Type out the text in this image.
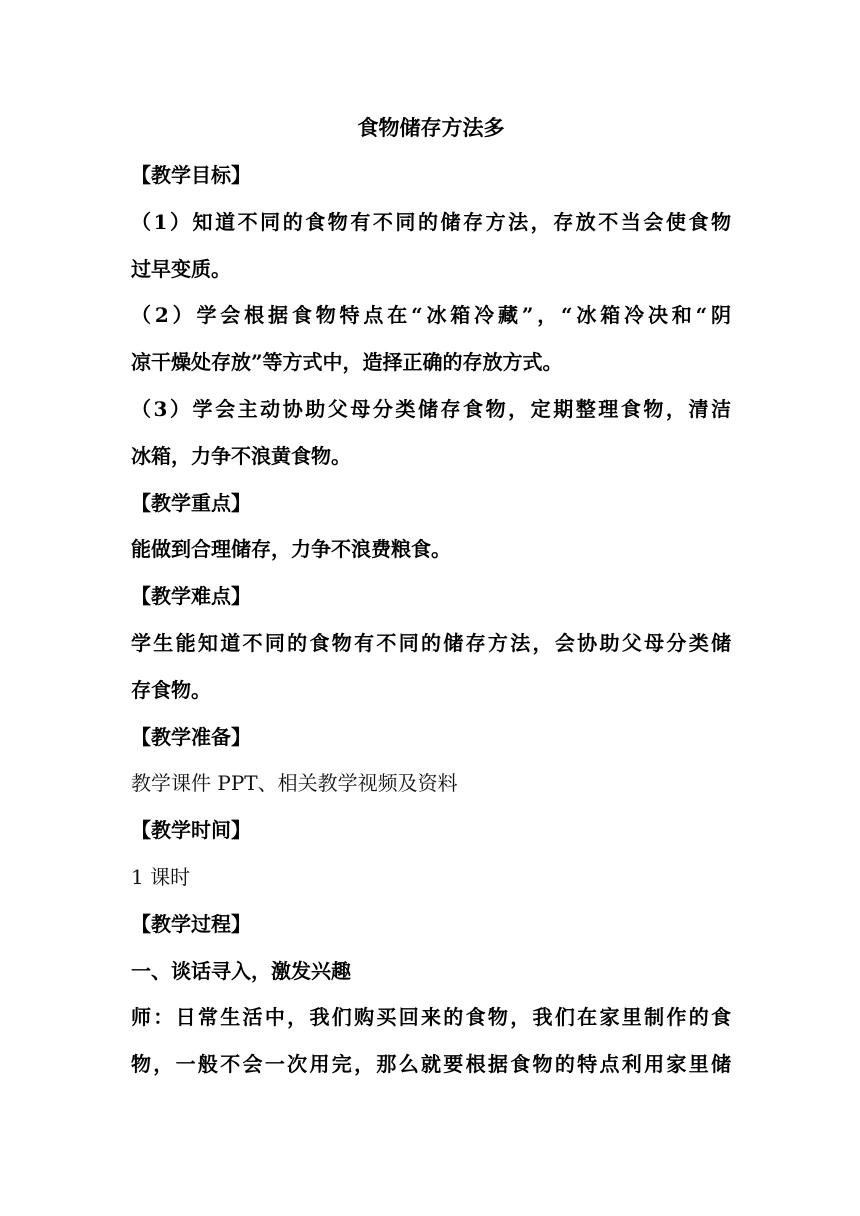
食物储存方法多
【教学目标】
（1）知道不同的食物有不同的储存方法，存放不当会使食物
过早变质。
（2）学会根据食物特点在“冰箱冷藏”，“冰箱冷决和“阴
凉干燥处存放”等方式中，造择正确的存放方式。
（3）学会主动协助父母分类储存食物，定期整理食物，清洁
冰箱，力争不浪黄食物。
【教学重点】
能做到合理储存，力争不浪费粮食。
【教学难点】
学生能知道不同的食物有不同的储存方法，会协助父母分类储
存食物。
【教学准备】
教学课件 PPT、相关教学视频及资料
【教学时间】
1 课时
【教学过程】
一、谈话寻入，激发兴趣
师：日常生活中，我们购买回来的食物，我们在家里制作的食
物，一般不会一次用完，那么就要根据食物的特点利用家里储
